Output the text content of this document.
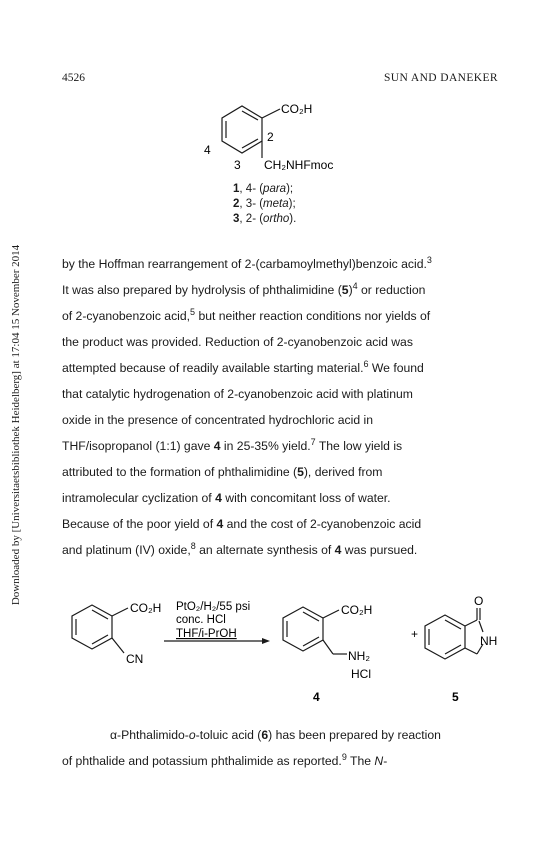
4526	SUN AND DANEKER
Downloaded by [Universitaetsbibliothek Heidelberg] at 17:04 15 November 2014
CO₂H
2
4
3 CH₂NHFmoc
1, 4- (para);
2, 3- (meta);
3, 2- (ortho).

by the Hoffman rearrangement of 2-(carbamoylmethyl)benzoic acid.$^3$
It was also prepared by hydrolysis of phthalimidine $(5)^4$ or reduction
of 2-cyanobenzoic acid,$^5$ but neither reaction conditions nor yields of
the product was provided. Reduction of 2-cyanobenzoic acid was
attempted because of readily available starting material.$^6$ We found
that catalytic hydrogenation of 2-cyanobenzoic acid with platinum
oxide in the presence of concentrated hydrochloric acid in
THF/isopropanol (1:1) gave 4 in 25-35% yield.$^7$ The low yield is
attributed to the formation of phthalimidine (5), derived from
intramolecular cyclization of 4 with concomitant loss of water.
Because of the poor yield of 4 and the cost of 2-cyanobenzoic acid
and platinum (IV) oxide,$^8$ an alternate synthesis of 4 was pursued.

CO₂H
CN
PtO₂/H₂/55 psi
conc. HCl
THF/i-PrOH
CO₂H
NH₂
HCl
4
+
O
NH
5

α-Phthalimido-o-toluic acid (6) has been prepared by reaction
of phthalide and potassium phthalimide as reported.$^9$ The N-
